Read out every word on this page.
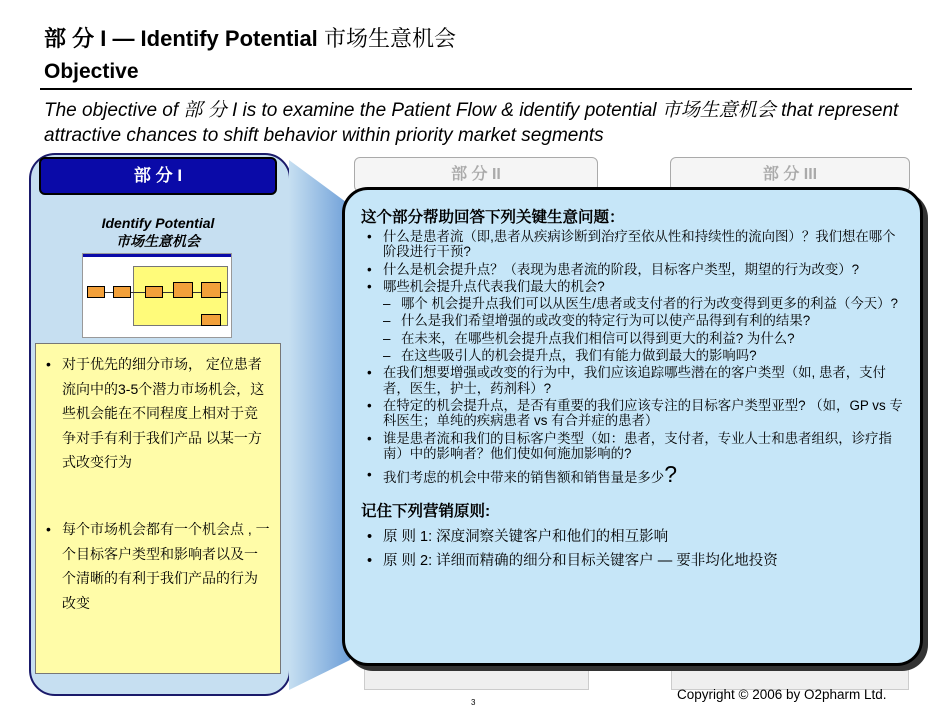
部 分 I — Identify Potential 市场生意机会
Objective
The objective of 部 分 I is to examine the Patient Flow & identify potential 市场生意机会 that represent attractive chances to shift behavior within priority market segments
部 分 II	部 分 III
部 分 I
Identify Potential
市场生意机会
• 对于优先的细分市场， 定位患者流向中的3-5个潜力市场机会，这些机会能在不同程度上相对于竞争对手有利于我们产品 以某一方式改变行为
• 每个市场机会都有一个机会点 , 一个目标客户类型和影响者以及一个清晰的有利于我们产品的行为改变
这个部分帮助回答下列关键生意问题：
• 什么是患者流（即,患者从疾病诊断到治疗至依从性和持续性的流向图）？我们想在哪个阶段进行干预?
• 什么是机会提升点？（表现为患者流的阶段，目标客户类型，期望的行为改变）?
• 哪些机会提升点代表我们最大的机会?
– 哪个 机会提升点我们可以从医生/患者或支付者的行为改变得到更多的利益（今天）?
– 什么是我们希望增强的或改变的特定行为可以使产品得到有利的结果?
– 在未来，在哪些机会提升点我们相信可以得到更大的利益? 为什么?
– 在这些吸引人的机会提升点，我们有能力做到最大的影响吗?
• 在我们想要增强或改变的行为中，我们应该追踪哪些潜在的客户类型（如, 患者，支付者，医生，护士，药剂科）?
• 在特定的机会提升点，是否有重要的我们应该专注的目标客户类型亚型? （如，GP vs 专科医生；单纯的疾病患者 vs 有合并症的患者）
• 谁是患者流和我们的目标客户类型（如：患者，支付者，专业人士和患者组织，诊疗指南）中的影响者？他们使如何施加影响的?
• 我们考虑的机会中带来的销售额和销售量是多少?
记住下列营销原则:
• 原 则 1: 深度洞察关键客户和他们的相互影响
• 原 则 2: 详细而精确的细分和目标关键客户 — 要非均化地投资
Copyright © 2006 by O2pharm Ltd.
3
